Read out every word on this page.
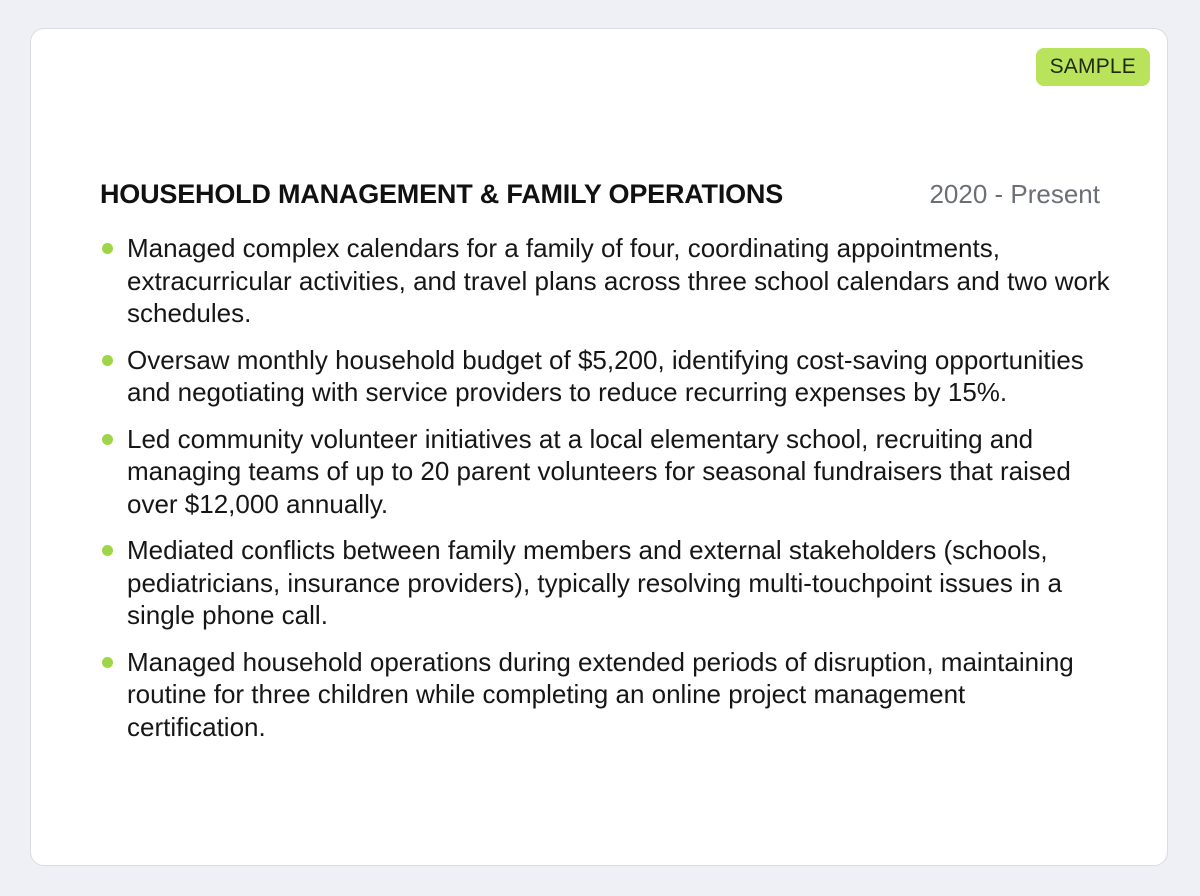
SAMPLE
HOUSEHOLD MANAGEMENT & FAMILY OPERATIONS	2020 - Present
Managed complex calendars for a family of four, coordinating appointments, extracurricular activities, and travel plans across three school calendars and two work schedules.
Oversaw monthly household budget of $5,200, identifying cost-saving opportunities and negotiating with service providers to reduce recurring expenses by 15%.
Led community volunteer initiatives at a local elementary school, recruiting and managing teams of up to 20 parent volunteers for seasonal fundraisers that raised over $12,000 annually.
Mediated conflicts between family members and external stakeholders (schools, pediatricians, insurance providers), typically resolving multi-touchpoint issues in a single phone call.
Managed household operations during extended periods of disruption, maintaining routine for three children while completing an online project management certification.
